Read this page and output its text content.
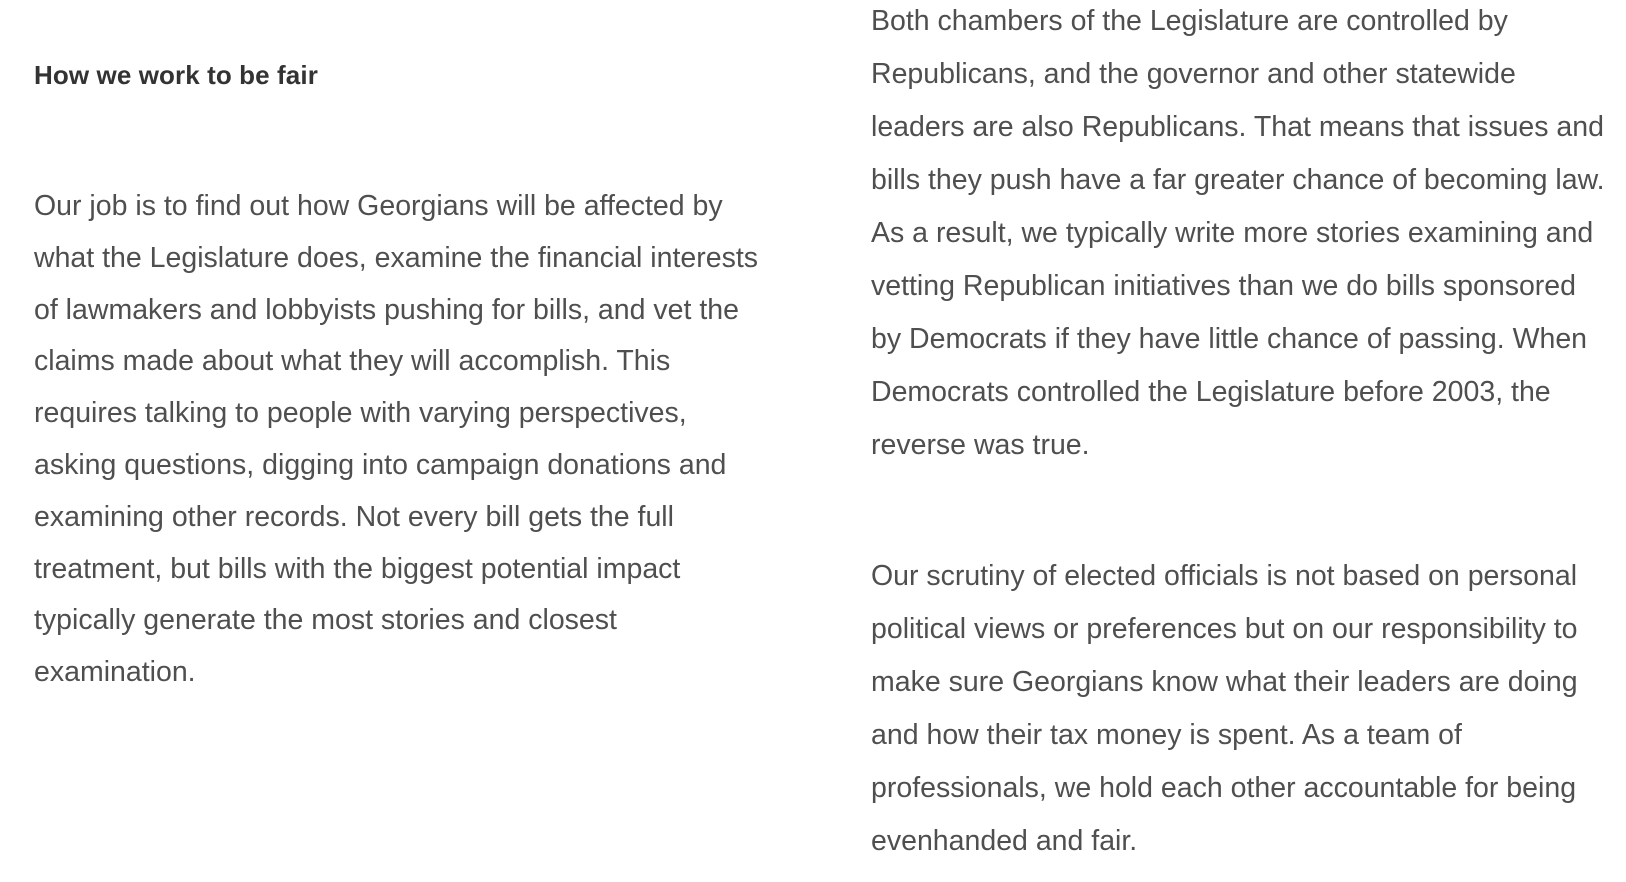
How we work to be fair

Our job is to find out how Georgians will be affected by what the Legislature does, examine the financial interests of lawmakers and lobbyists pushing for bills, and vet the claims made about what they will accomplish. This requires talking to people with varying perspectives, asking questions, digging into campaign donations and examining other records. Not every bill gets the full treatment, but bills with the biggest potential impact typically generate the most stories and closest examination.

Both chambers of the Legislature are controlled by Republicans, and the governor and other statewide leaders are also Republicans. That means that issues and bills they push have a far greater chance of becoming law. As a result, we typically write more stories examining and vetting Republican initiatives than we do bills sponsored by Democrats if they have little chance of passing. When Democrats controlled the Legislature before 2003, the reverse was true.

Our scrutiny of elected officials is not based on personal political views or preferences but on our responsibility to make sure Georgians know what their leaders are doing and how their tax money is spent. As a team of professionals, we hold each other accountable for being evenhanded and fair.
